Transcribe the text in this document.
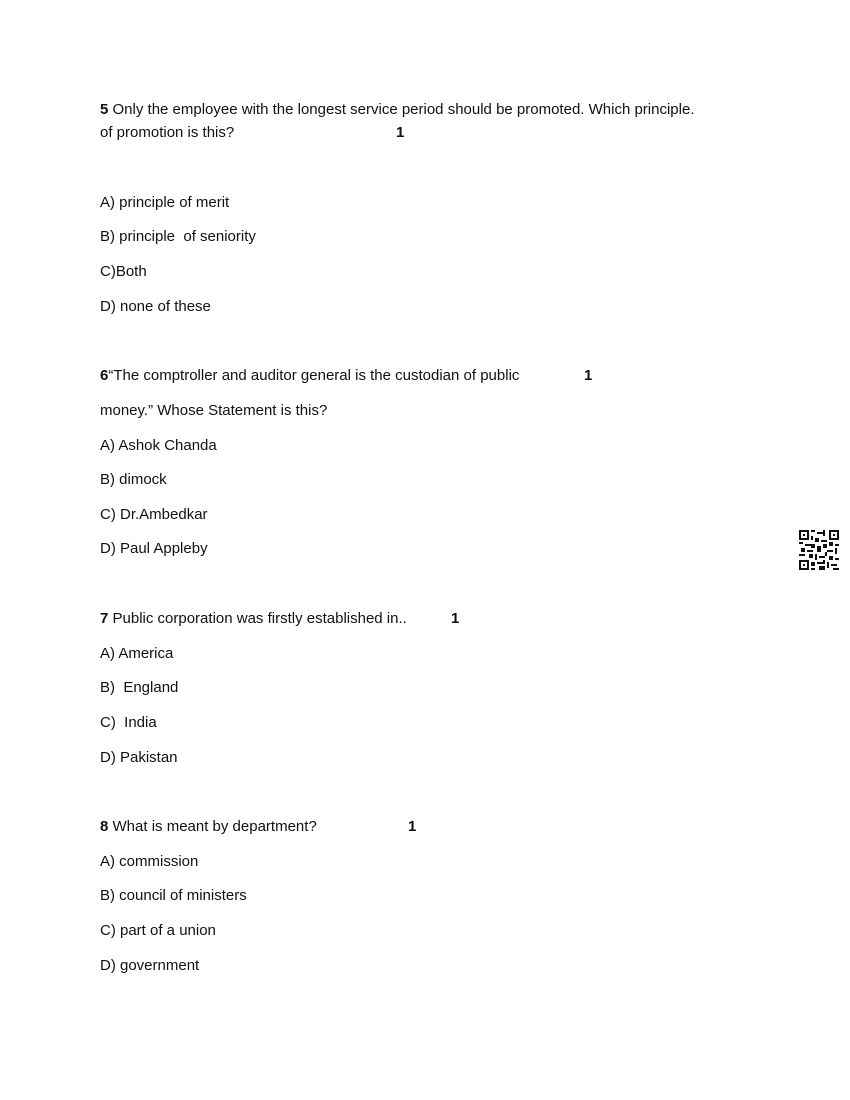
5 Only the employee with the longest service period should be promoted. Which principle.
of promotion is this?	1
A) principle of merit
B) principle  of seniority
C)Both
D) none of these
6“The comptroller and auditor general is the custodian of public	1
money.” Whose Statement is this?
A) Ashok Chanda
B) dimock
C) Dr.Ambedkar
D) Paul Appleby
7 Public corporation was firstly established in..	1
A) America
B)  England
C)  India
D) Pakistan
8 What is meant by department?	1
A) commission
B) council of ministers
C) part of a union
D) government
